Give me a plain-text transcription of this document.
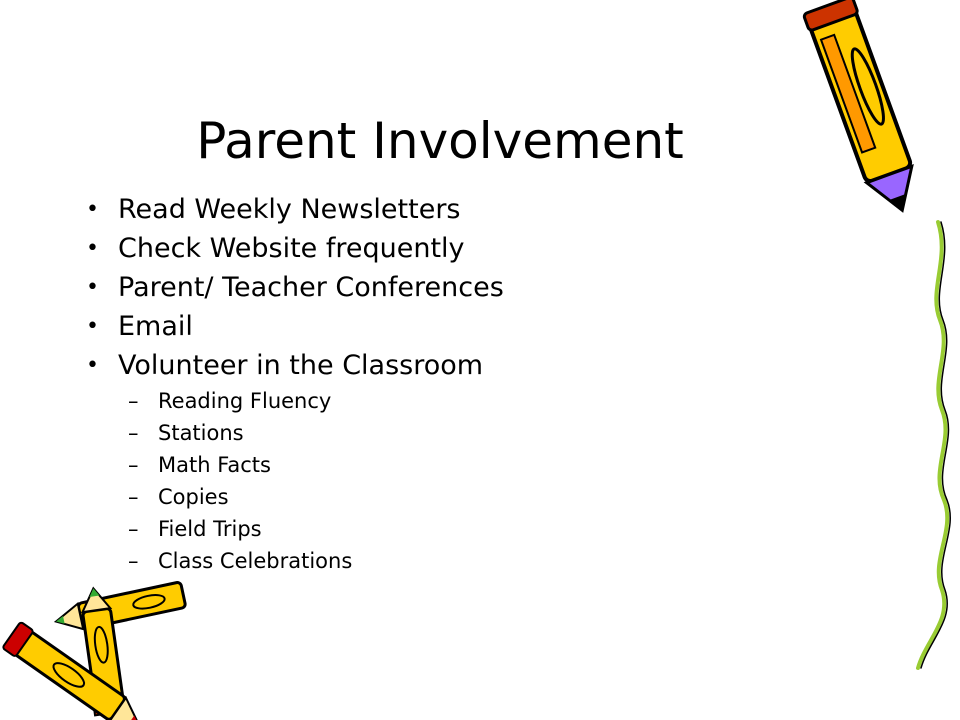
Parent Involvement
• Read Weekly Newsletters
• Check Website frequently
• Parent/ Teacher Conferences
• Email
• Volunteer in the Classroom
– Reading Fluency
– Stations
– Math Facts
– Copies
– Field Trips
– Class Celebrations
